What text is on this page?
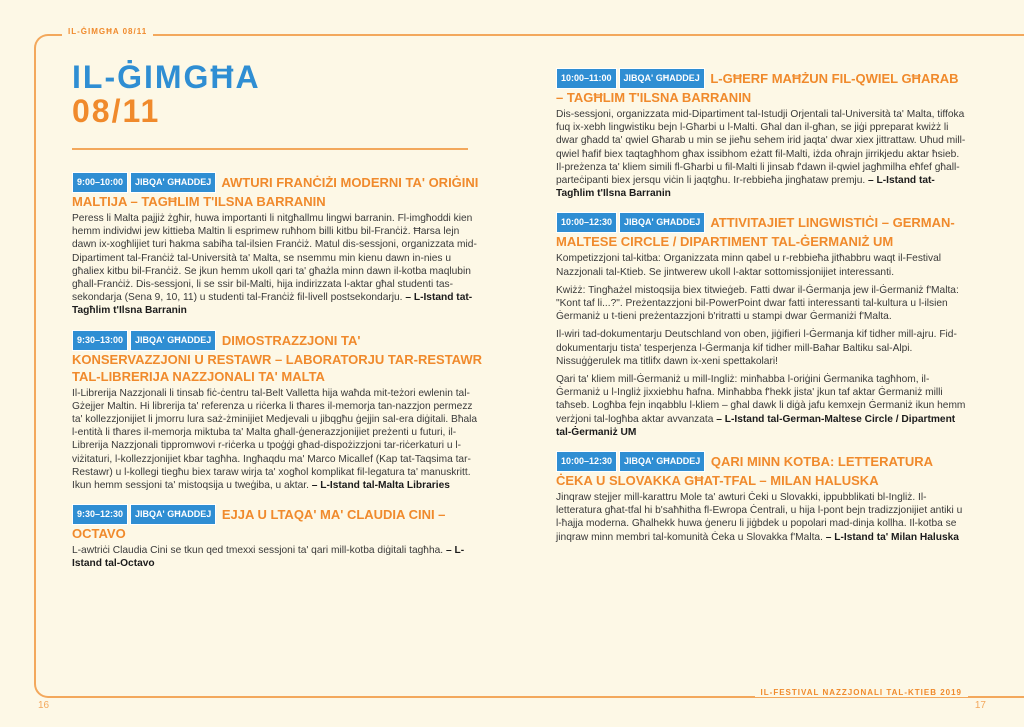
IL-ĠIMGĦA 08/11
IL-FESTIVAL NAZZJONALI TAL-KTIEB 2019
16	17
IL-ĠIMGĦA
08/11
9:00–10:00 JIBQA' GĦADDEJ AWTURI FRANĊIŻI MODERNI TA' ORIĠINI MALTIJA – TAGĦLIM T'ILSNA BARRANIN
Peress li Malta pajjiż żgħir, huwa importanti li nitgħallmu lingwi barranin. Fl-imgħoddi kien hemm individwi jew kittieba Maltin li esprimew ruħhom billi kitbu bil-Franċiż. Ħarsa lejn dawn ix-xogħlijiet turi ħakma sabiħa tal-ilsien Franċiż. Matul dis-sessjoni, organizzata mid-Dipartiment tal-Franċiż tal-Università ta' Malta, se nsemmu min kienu dawn in-nies u għaliex kitbu bil-Franċiż. Se jkun hemm ukoll qari ta' għażla minn dawn il-kotba maqlubin għall-Franċiż. Dis-sessjoni, li se ssir bil-Malti, hija indirizzata l-aktar għal studenti tas-sekondarja (Sena 9, 10, 11) u studenti tal-Franċiż fil-livell postsekondarju. – L-Istand tat-Tagħlim t'Ilsna Barranin
9:30–13:00 JIBQA' GĦADDEJ DIMOSTRAZZJONI TA' KONSERVAZZJONI U RESTAWR – LABORATORJU TAR-RESTAWR TAL-LIBRERIJA NAZZJONALI TA' MALTA
Il-Librerija Nazzjonali li tinsab fiċ-ċentru tal-Belt Valletta hija waħda mit-teżori ewlenin tal-Gżejjer Maltin. Hi librerija ta' referenza u riċerka li tħares il-memorja tan-nazzjon permezz ta' kollezzjonijiet li jmorru lura saż-żminijiet Medjevali u jibqgħu ġejjin sal-era diġitali. Bħala l-entità li tħares il-memorja miktuba ta' Malta għall-ġenerazzjonijiet preżenti u futuri, il-Librerija Nazzjonali tippromwovi r-riċerka u tpoġġi għad-dispożizzjoni tar-riċerkaturi u l-viżitaturi, l-kollezzjonijiet kbar tagħha. Ingħaqdu ma' Marco Micallef (Kap tat-Taqsima tar-Restawr) u l-kollegi tiegħu biex taraw wirja ta' xogħol komplikat fil-legatura ta' manuskritt. Ikun hemm sessjoni ta' mistoqsija u tweġiba, u aktar. – L-Istand tal-Malta Libraries
9:30–12:30 JIBQA' GĦADDEJ EJJA U LTAQA' MA' CLAUDIA CINI – OCTAVO
L-awtriċi Claudia Cini se tkun qed tmexxi sessjoni ta' qari mill-kotba diġitali tagħha. – L-Istand tal-Octavo
10:00–11:00 JIBQA' GĦADDEJ L-GĦERF MAĦŻUN FIL-QWIEL GĦARAB – TAGĦLIM T'ILSNA BARRANIN
Dis-sessjoni, organizzata mid-Dipartiment tal-Istudji Orjentali tal-Università ta' Malta, tiffoka fuq ix-xebh lingwistiku bejn l-Għarbi u l-Malti. Għal dan il-għan, se jiġi ppreparat kwiżż li dwar għadd ta' qwiel Għarab u min se jieħu sehem irid jaqta' dwar xiex jittrattaw. Uħud mill-qwiel ħafif biex taqtagħhom għax issibhom eżatt fil-Malti, iżda oħrajn jirrikjedu aktar ħsieb. Il-preżenza ta' kliem simili fl-Għarbi u fil-Malti li jinsab f'dawn il-qwiel jagħmilha eħfef għall-parteċipanti biex jersqu viċin li jaqtgħu. Ir-rebbieħa jingħataw premju. – L-Istand tat-Tagħlim t'Ilsna Barranin
10:00–12:30 JIBQA' GĦADDEJ ATTIVITAJIET LINGWISTIĊI – GERMAN-MALTESE CIRCLE / DIPARTIMENT TAL-ĠERMANIŻ UM

Kompetizzjoni tal-kitba: Organizzata minn qabel u r-rebbieħa jitħabbru waqt il-Festival Nazzjonali tal-Ktieb. Se jintwerew ukoll l-aktar sottomissjonijiet interessanti.

Kwiżż: Tingħażel mistoqsija biex titwieġeb. Fatti dwar il-Ġermanja jew il-Ġermaniż f'Malta: "Kont taf li...?". Preżentazzjoni bil-PowerPoint dwar fatti interessanti tal-kultura u l-ilsien Ġermaniż u t-tieni preżentazzjoni b'ritratti u stampi dwar Ġermaniżi f'Malta.

Il-wiri tad-dokumentarju Deutschland von oben, jiġifieri l-Ġermanja kif tidher mill-ajru. Fid-dokumentarju tista' tesperjenza l-Ġermanja kif tidher mill-Baħar Baltiku sal-Alpi. Nissuġġerulek ma titlifx dawn ix-xeni spettakolari!

Qari ta' kliem mill-Ġermaniż u mill-Ingliż: minħabba l-oriġini Ġermanika tagħhom, il-Ġermaniż u l-Ingliż jixxiebhu ħafna. Minħabba f'hekk jista' jkun taf aktar Ġermaniż milli taħseb. Logħba fejn inqabblu l-kliem – għal dawk li diġà jafu kemxejn Ġermaniż ikun hemm verżjoni tal-logħba aktar avvanzata – L-Istand tal-German-Maltese Circle / Dipartment tal-Ġermaniż UM

10:00–12:30 JIBQA' GĦADDEJ QARI MINN KOTBA: LETTERATURA ĊEKA U SLOVAKKA GĦAT-TFAL – MILAN HALUSKA
Jinqraw stejjer mill-karattru Mole ta' awturi Ċeki u Slovakki, ippubblikati bl-Ingliż. Il-letteratura għat-tfal hi b'saħħitha fl-Ewropa Ċentrali, u hija l-pont bejn tradizzjonijiet antiki u l-ħajja moderna. Għalhekk huwa ġeneru li jiġbdek u popolari mad-dinja kollha. Il-kotba se jinqraw minn membri tal-komunità Ċeka u Slovakka f'Malta. – L-Istand ta' Milan Haluska
